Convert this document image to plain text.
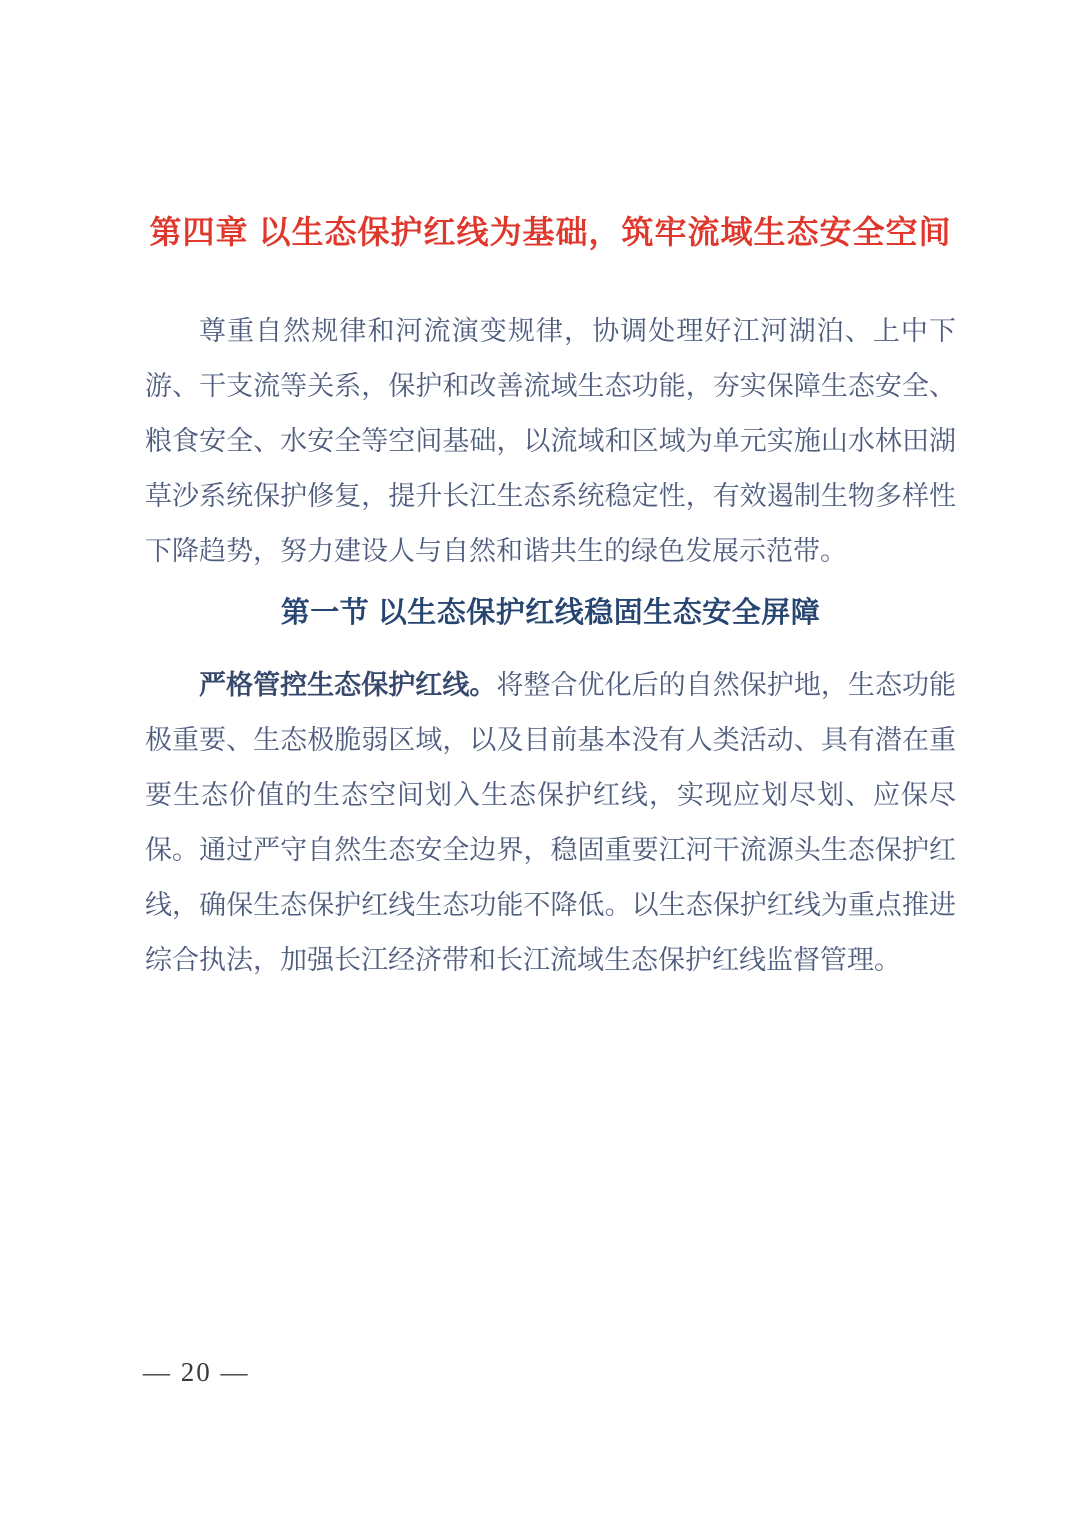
第四章 以生态保护红线为基础，筑牢流域生态安全空间

尊重自然规律和河流演变规律，协调处理好江河湖泊、上中下游、干支流等关系，保护和改善流域生态功能，夯实保障生态安全、粮食安全、水安全等空间基础，以流域和区域为单元实施山水林田湖草沙系统保护修复，提升长江生态系统稳定性，有效遏制生物多样性下降趋势，努力建设人与自然和谐共生的绿色发展示范带。

第一节 以生态保护红线稳固生态安全屏障

严格管控生态保护红线。将整合优化后的自然保护地，生态功能极重要、生态极脆弱区域，以及目前基本没有人类活动、具有潜在重要生态价值的生态空间划入生态保护红线，实现应划尽划、应保尽保。通过严守自然生态安全边界，稳固重要江河干流源头生态保护红线，确保生态保护红线生态功能不降低。以生态保护红线为重点推进综合执法，加强长江经济带和长江流域生态保护红线监督管理。

— 20 —
